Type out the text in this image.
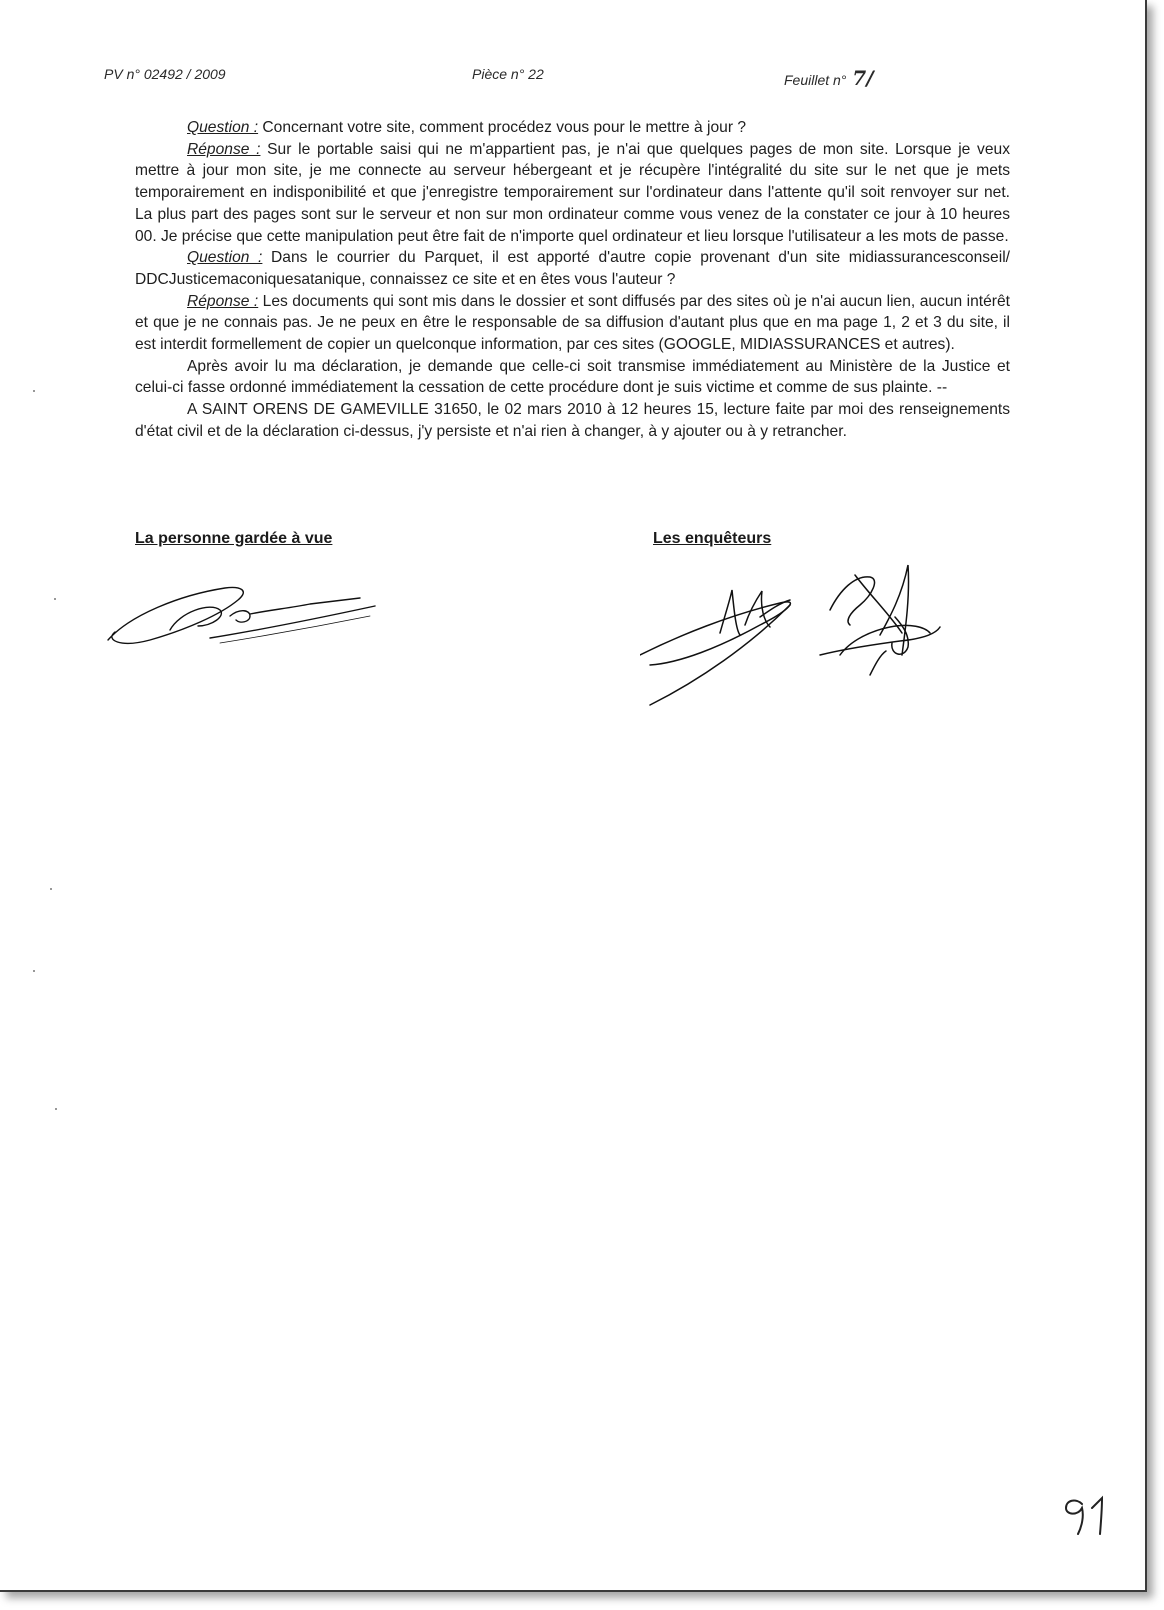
PV n° 02492 / 2009	Pièce n° 22	Feuillet n° 7/

Question : Concernant votre site, comment procédez vous pour le mettre à jour ?

Réponse : Sur le portable saisi qui ne m'appartient pas, je n'ai que quelques pages de mon site. Lorsque je veux mettre à jour mon site, je me connecte au serveur hébergeant et je récupère l'intégralité du site sur le net que je mets temporairement en indisponibilité et que j'enregistre temporairement sur l'ordinateur dans l'attente qu'il soit renvoyer sur net. La plus part des pages sont sur le serveur et non sur mon ordinateur comme vous venez de la constater ce jour à 10 heures 00. Je précise que cette manipulation peut être fait de n'importe quel ordinateur et lieu lorsque l'utilisateur a les mots de passe.

Question : Dans le courrier du Parquet, il est apporté d'autre copie provenant d'un site midiassurancesconseil/ DDCJusticemaconiquesatanique, connaissez ce site et en êtes vous l'auteur ?

Réponse : Les documents qui sont mis dans le dossier et sont diffusés par des sites où je n'ai aucun lien, aucun intérêt et que je ne connais pas. Je ne peux en être le responsable de sa diffusion d'autant plus que en ma page 1, 2 et 3 du site, il est interdit formellement de copier un quelconque information, par ces sites (GOOGLE, MIDIASSURANCES et autres).

Après avoir lu ma déclaration, je demande que celle-ci soit transmise immédiatement au Ministère de la Justice et celui-ci fasse ordonné immédiatement la cessation de cette procédure dont je suis victime et comme de sus plainte. --

A SAINT ORENS DE GAMEVILLE 31650, le 02 mars 2010 à 12 heures 15, lecture faite par moi des renseignements d'état civil et de la déclaration ci-dessus, j'y persiste et n'ai rien à changer, à y ajouter ou à y retrancher.

La personne gardée à vue	Les enquêteurs
